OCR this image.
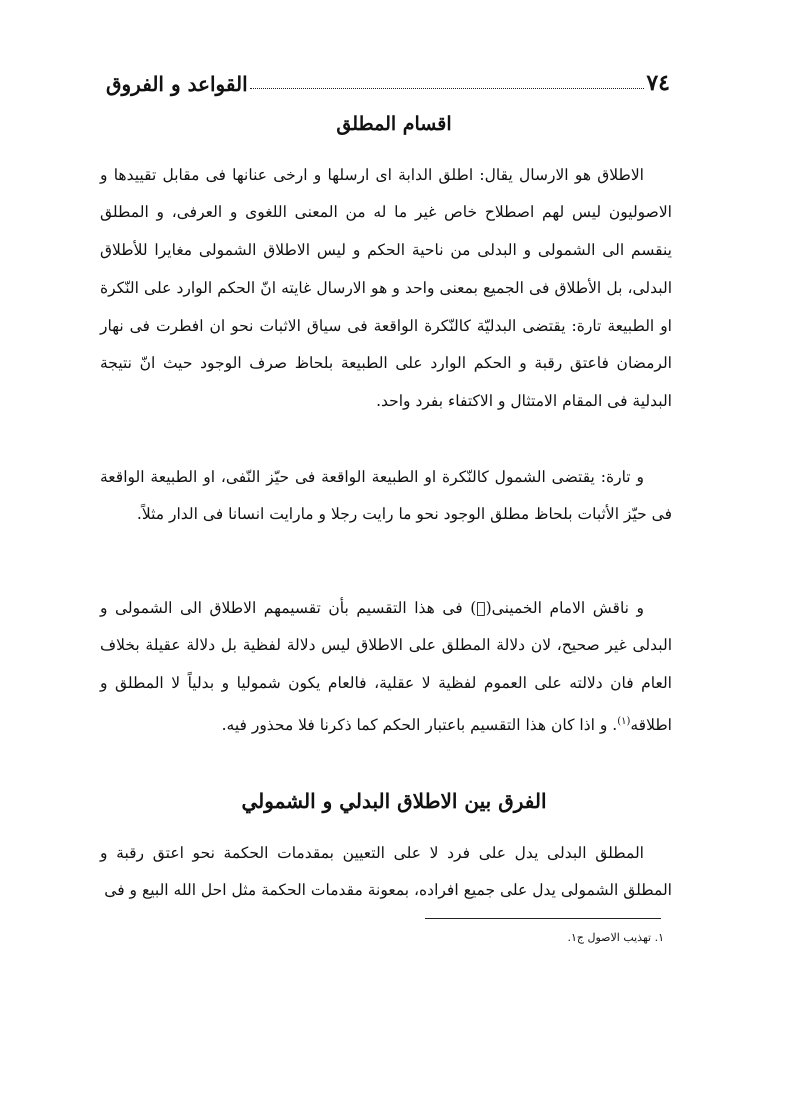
٧٤
القواعد و الفروق
اقسام المطلق

الاطلاق هو الارسال يقال: اطلق الدابة اى ارسلها و ارخى عنانها فى مقابل تقييدها و الاصوليون ليس لهم اصطلاح خاص غير ما له من المعنى اللغوى و العرفى، و المطلق ينقسم الى الشمولى و البدلى من ناحية الحكم و ليس الاطلاق الشمولى مغايرا للأطلاق البدلى، بل الأطلاق فى الجميع بمعنى واحد و هو الارسال غايته انّ الحكم الوارد على النّكرة او الطبيعة تارة: يقتضى البدليّة كالنّكرة الواقعة فى سياق الاثبات نحو ان افطرت فى نهار الرمضان فاعتق رقبة و الحكم الوارد على الطبيعة بلحاظ صرف الوجود حيث انّ نتيجة البدلية فى المقام الامتثال و الاكتفاء بفرد واحد.

و تارة: يقتضى الشمول كالنّكرة او الطبيعة الواقعة فى حيّز النّفى، او الطبيعة الواقعة فى حيّز الأثبات بلحاظ مطلق الوجود نحو ما رايت رجلا و مارايت انسانا فى الدار مثلاً.

و ناقش الامام الخمينى(﷫) فى هذا التقسيم بأن تقسيمهم الاطلاق الى الشمولى و البدلى غير صحيح، لان دلالة المطلق على الاطلاق ليس دلالة لفظية بل دلالة عقيلة بخلاف العام فان دلالته على العموم لفظية لا عقلية، فالعام يكون شموليا و بدلياً لا المطلق و اطلاقه$^{(١)}$. و اذا كان هذا التقسيم باعتبار الحكم كما ذكرنا فلا محذور فيه.

الفرق بين الاطلاق البدلي و الشمولي

المطلق البدلى يدل على فرد لا على التعيين بمقدمات الحكمة نحو اعتق رقبة و المطلق الشمولى يدل على جميع افراده، بمعونة مقدمات الحكمة مثل احل الله البيع و فى

١. تهذيب الاصول ج١.
